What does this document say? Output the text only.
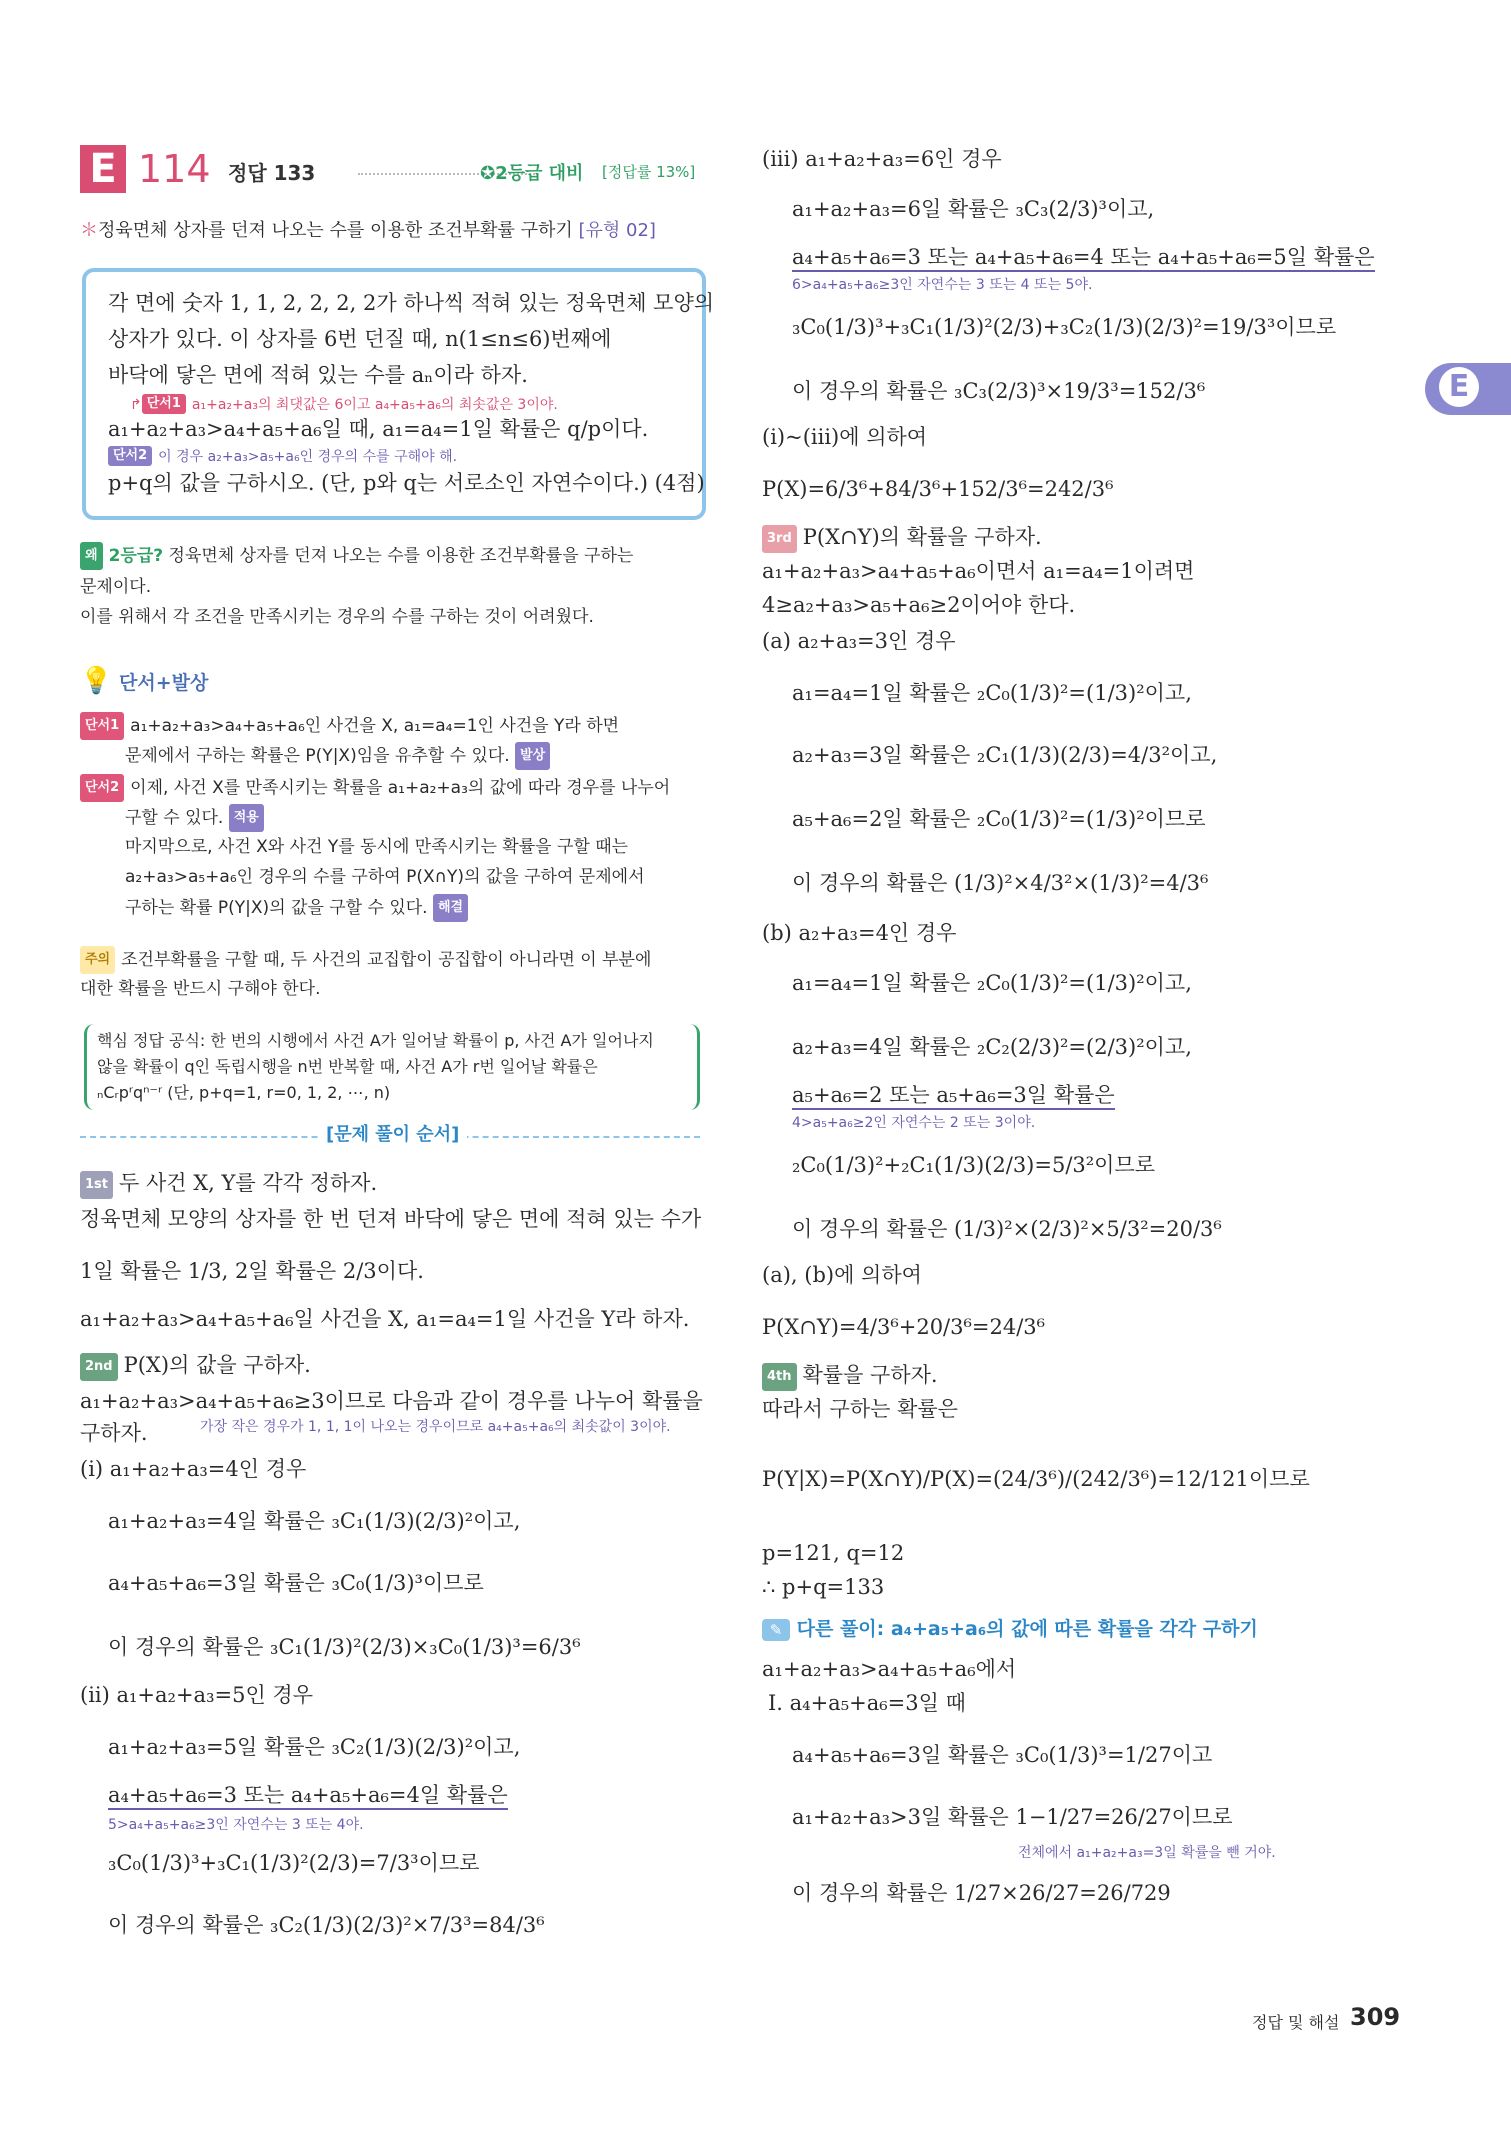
E
E 114 정답 133	✪2등급 대비 [정답률 13%]
＊정육면체 상자를 던져 나오는 수를 이용한 조건부확률 구하기 [유형 02]
각 면에 숫자 1, 1, 2, 2, 2, 2가 하나씩 적혀 있는 정육면체 모양의
상자가 있다. 이 상자를 6번 던질 때, n(1≤n≤6)번째에
바닥에 닿은 면에 적혀 있는 수를 aₙ이라 하자.
↱ 단서1 a₁+a₂+a₃의 최댓값은 6이고 a₄+a₅+a₆의 최솟값은 3이야.
a₁+a₂+a₃>a₄+a₅+a₆일 때, a₁=a₄=1일 확률은 q/p이다.
단서2 이 경우 a₂+a₃>a₅+a₆인 경우의 수를 구해야 해.
p+q의 값을 구하시오. (단, p와 q는 서로소인 자연수이다.) (4점)
왜 2등급? 정육면체 상자를 던져 나오는 수를 이용한 조건부확률을 구하는
문제이다.
이를 위해서 각 조건을 만족시키는 경우의 수를 구하는 것이 어려웠다.
💡 단서+발상
단서1 a₁+a₂+a₃>a₄+a₅+a₆인 사건을 X, a₁=a₄=1인 사건을 Y라 하면
문제에서 구하는 확률은 P(Y|X)임을 유추할 수 있다. 발상
단서2 이제, 사건 X를 만족시키는 확률을 a₁+a₂+a₃의 값에 따라 경우를 나누어
구할 수 있다. 적용
마지막으로, 사건 X와 사건 Y를 동시에 만족시키는 확률을 구할 때는
a₂+a₃>a₅+a₆인 경우의 수를 구하여 P(X∩Y)의 값을 구하여 문제에서
구하는 확률 P(Y|X)의 값을 구할 수 있다. 해결
주의 조건부확률을 구할 때, 두 사건의 교집합이 공집합이 아니라면 이 부분에
대한 확률을 반드시 구해야 한다.
핵심 정답 공식: 한 번의 시행에서 사건 A가 일어날 확률이 p, 사건 A가 일어나지
않을 확률이 q인 독립시행을 n번 반복할 때, 사건 A가 r번 일어날 확률은
ₙCᵣpʳqⁿ⁻ʳ (단, p+q=1, r=0, 1, 2, ⋯, n)
[문제 풀이 순서]
1st 두 사건 X, Y를 각각 정하자.
정육면체 모양의 상자를 한 번 던져 바닥에 닿은 면에 적혀 있는 수가
1일 확률은 1/3, 2일 확률은 2/3이다.
a₁+a₂+a₃>a₄+a₅+a₆일 사건을 X, a₁=a₄=1일 사건을 Y라 하자.
2nd P(X)의 값을 구하자.
a₁+a₂+a₃>a₄+a₅+a₆≥3이므로 다음과 같이 경우를 나누어 확률을
구하자.	가장 작은 경우가 1, 1, 1이 나오는 경우이므로 a₄+a₅+a₆의 최솟값이 3이야.
(i) a₁+a₂+a₃=4인 경우
a₁+a₂+a₃=4일 확률은 ₃C₁(1/3)(2/3)²이고,
a₄+a₅+a₆=3일 확률은 ₃C₀(1/3)³이므로
이 경우의 확률은 ₃C₁(1/3)²(2/3)×₃C₀(1/3)³=6/3⁶
(ii) a₁+a₂+a₃=5인 경우
a₁+a₂+a₃=5일 확률은 ₃C₂(1/3)(2/3)²이고,
a₄+a₅+a₆=3 또는 a₄+a₅+a₆=4일 확률은
5>a₄+a₅+a₆≥3인 자연수는 3 또는 4야.
₃C₀(1/3)³+₃C₁(1/3)²(2/3)=7/3³이므로
이 경우의 확률은 ₃C₂(1/3)(2/3)²×7/3³=84/3⁶
(iii) a₁+a₂+a₃=6인 경우
a₁+a₂+a₃=6일 확률은 ₃C₃(2/3)³이고,
a₄+a₅+a₆=3 또는 a₄+a₅+a₆=4 또는 a₄+a₅+a₆=5일 확률은
6>a₄+a₅+a₆≥3인 자연수는 3 또는 4 또는 5야.
₃C₀(1/3)³+₃C₁(1/3)²(2/3)+₃C₂(1/3)(2/3)²=19/3³이므로
이 경우의 확률은 ₃C₃(2/3)³×19/3³=152/3⁶
(i)~(iii)에 의하여
P(X)=6/3⁶+84/3⁶+152/3⁶=242/3⁶
3rd P(X∩Y)의 확률을 구하자.
a₁+a₂+a₃>a₄+a₅+a₆이면서 a₁=a₄=1이려면
4≥a₂+a₃>a₅+a₆≥2이어야 한다.
(a) a₂+a₃=3인 경우
a₁=a₄=1일 확률은 ₂C₀(1/3)²=(1/3)²이고,
a₂+a₃=3일 확률은 ₂C₁(1/3)(2/3)=4/3²이고,
a₅+a₆=2일 확률은 ₂C₀(1/3)²=(1/3)²이므로
이 경우의 확률은 (1/3)²×4/3²×(1/3)²=4/3⁶
(b) a₂+a₃=4인 경우
a₁=a₄=1일 확률은 ₂C₀(1/3)²=(1/3)²이고,
a₂+a₃=4일 확률은 ₂C₂(2/3)²=(2/3)²이고,
a₅+a₆=2 또는 a₅+a₆=3일 확률은
4>a₅+a₆≥2인 자연수는 2 또는 3이야.
₂C₀(1/3)²+₂C₁(1/3)(2/3)=5/3²이므로
이 경우의 확률은 (1/3)²×(2/3)²×5/3²=20/3⁶
(a), (b)에 의하여
P(X∩Y)=4/3⁶+20/3⁶=24/3⁶
4th 확률을 구하자.
따라서 구하는 확률은
P(Y|X)=P(X∩Y)/P(X)=(24/3⁶)/(242/3⁶)=12/121이므로
p=121, q=12
∴ p+q=133
✎ 다른 풀이: a₄+a₅+a₆의 값에 따른 확률을 각각 구하기
a₁+a₂+a₃>a₄+a₅+a₆에서
Ⅰ. a₄+a₅+a₆=3일 때
a₄+a₅+a₆=3일 확률은 ₃C₀(1/3)³=1/27이고
a₁+a₂+a₃>3일 확률은 1−1/27=26/27이므로
전체에서 a₁+a₂+a₃=3일 확률을 뺀 거야.
이 경우의 확률은 1/27×26/27=26/729
정답 및 해설 309
